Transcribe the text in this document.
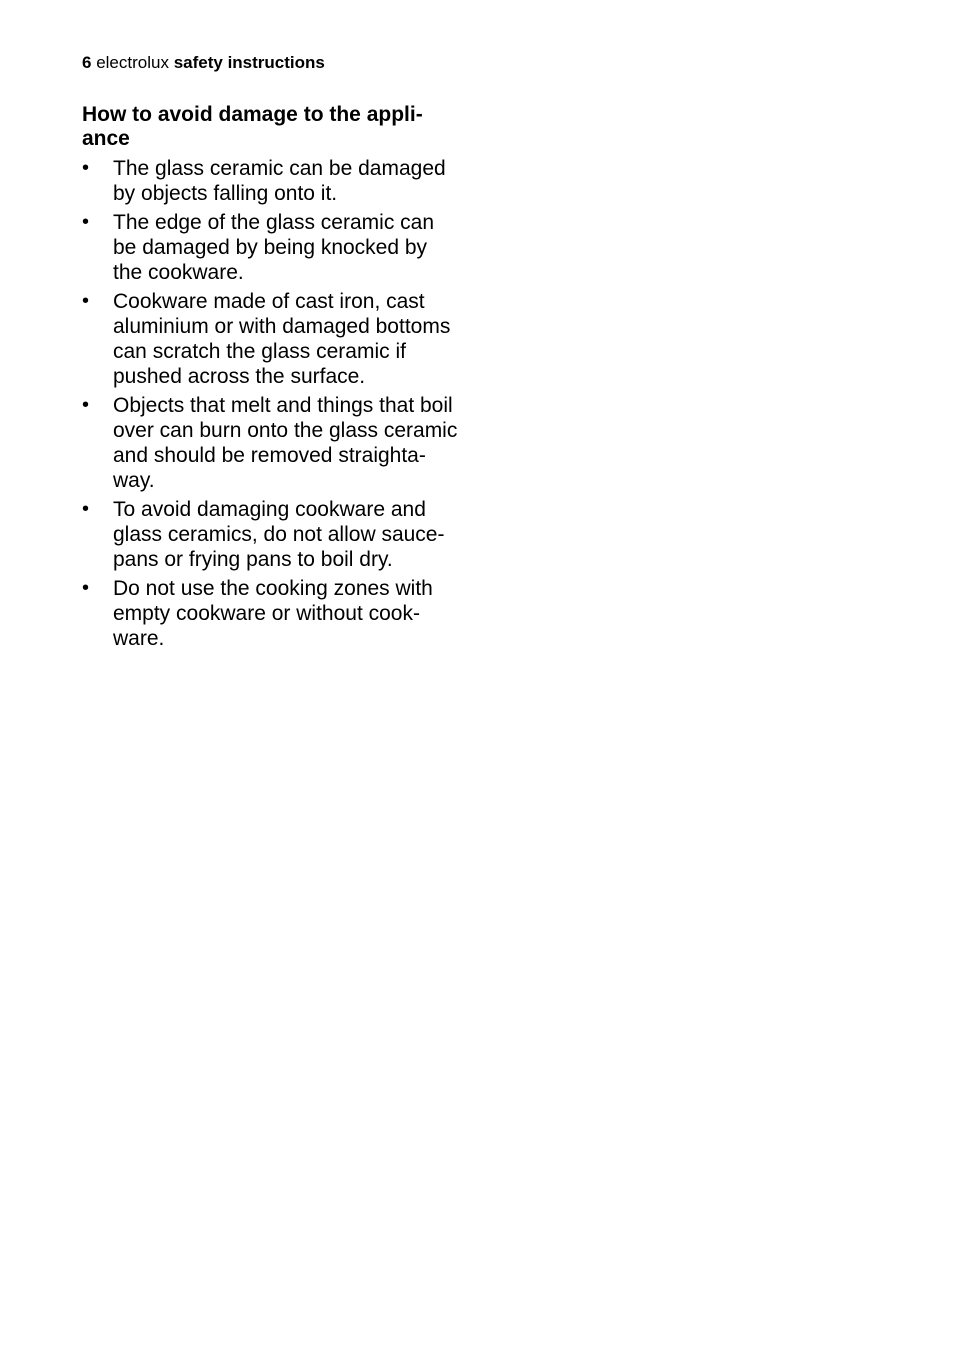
6 electrolux safety instructions
How to avoid damage to the appli-
ance
•	The glass ceramic can be damaged
by objects falling onto it.
•	The edge of the glass ceramic can
be damaged by being knocked by
the cookware.
•	Cookware made of cast iron, cast
aluminium or with damaged bottoms
can scratch the glass ceramic if
pushed across the surface.
•	Objects that melt and things that boil
over can burn onto the glass ceramic
and should be removed straighta-
way.
•	To avoid damaging cookware and
glass ceramics, do not allow sauce-
pans or frying pans to boil dry.
•	Do not use the cooking zones with
empty cookware or without cook-
ware.
